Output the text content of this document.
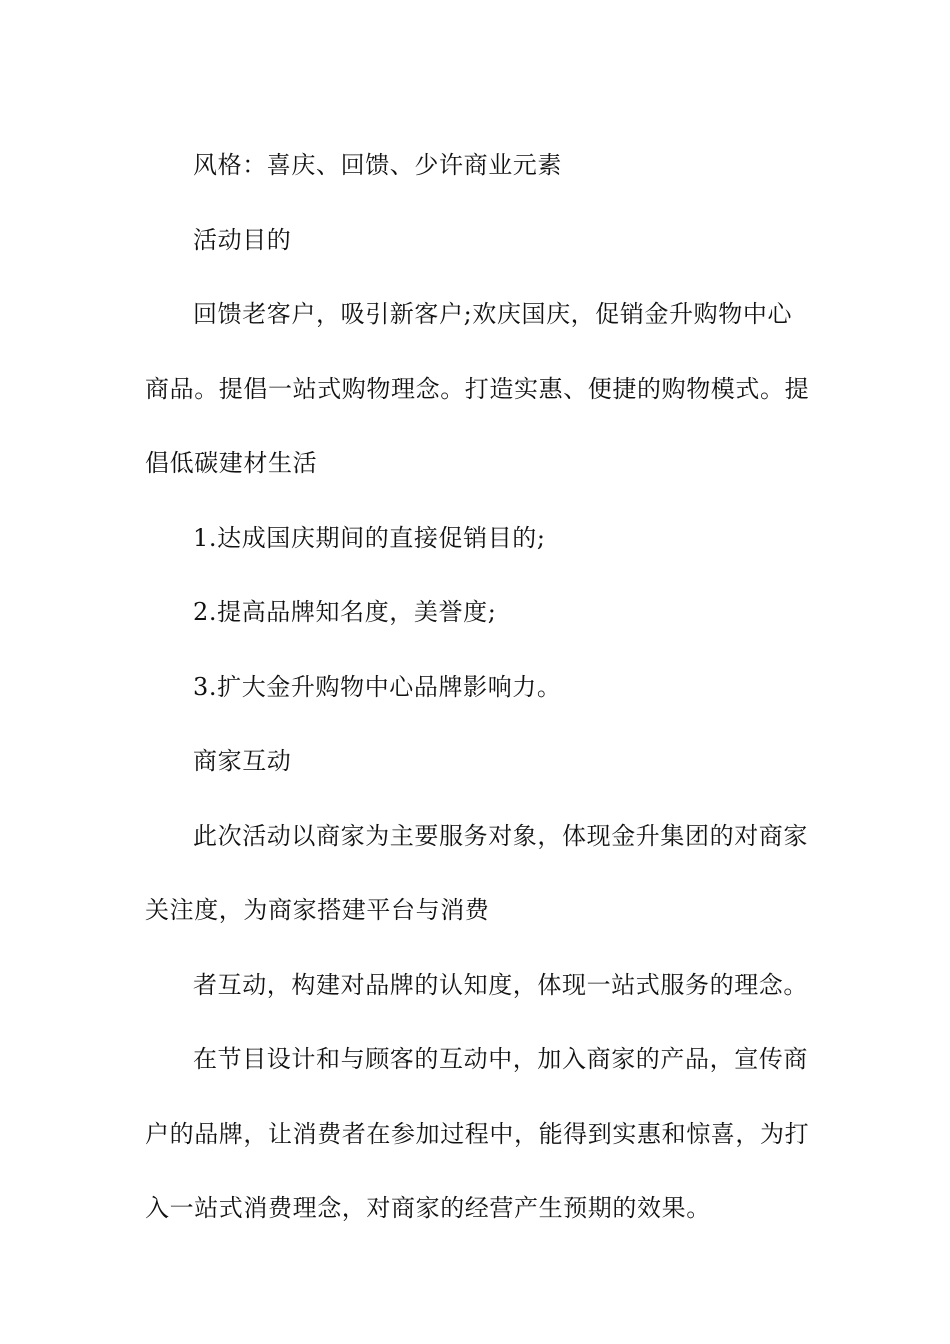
风格：喜庆、回馈、少许商业元素

活动目的

回馈老客户，吸引新客户;欢庆国庆，促销金升购物中心商品。提倡一站式购物理念。打造实惠、便捷的购物模式。提倡低碳建材生活

1.达成国庆期间的直接促销目的;

2.提高品牌知名度，美誉度;

3.扩大金升购物中心品牌影响力。

商家互动

此次活动以商家为主要服务对象，体现金升集团的对商家关注度，为商家搭建平台与消费

者互动，构建对品牌的认知度，体现一站式服务的理念。

在节目设计和与顾客的互动中，加入商家的产品，宣传商户的品牌，让消费者在参加过程中，能得到实惠和惊喜，为打入一站式消费理念，对商家的经营产生预期的效果。
